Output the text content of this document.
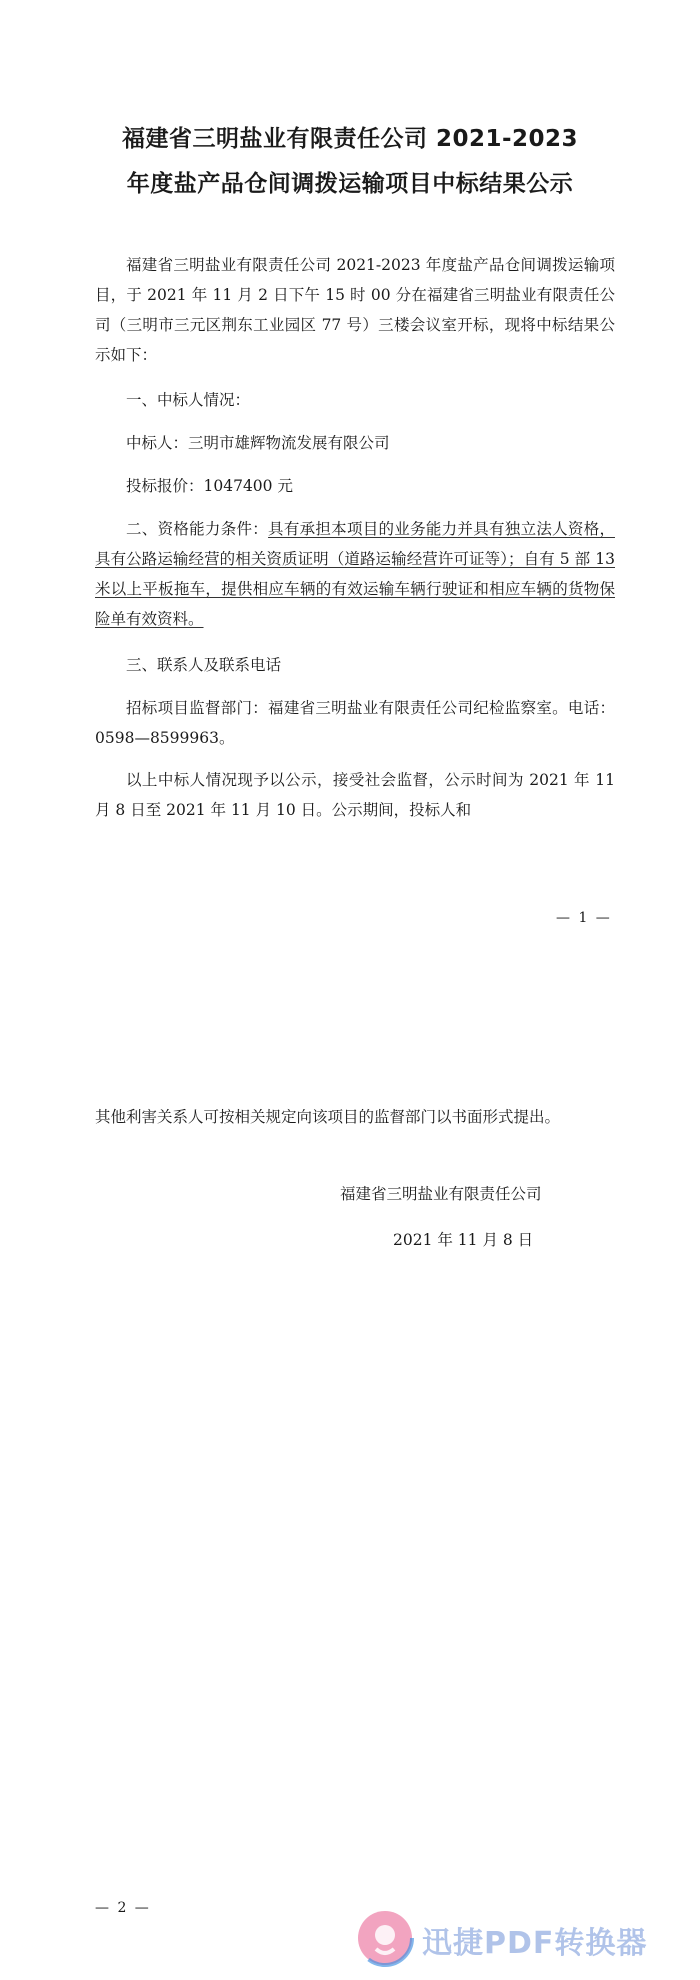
福建省三明盐业有限责任公司 2021-2023
年度盐产品仓间调拨运输项目中标结果公示
福建省三明盐业有限责任公司 2021-2023 年度盐产品仓间调拨运输项目，于 2021 年 11 月 2 日下午 15 时 00 分在福建省三明盐业有限责任公司（三明市三元区荆东工业园区 77 号）三楼会议室开标，现将中标结果公示如下：
一、中标人情况：
中标人：三明市雄辉物流发展有限公司
投标报价：1047400 元
二、资格能力条件：具有承担本项目的业务能力并具有独立法人资格，具有公路运输经营的相关资质证明（道路运输经营许可证等）；自有 5 部 13 米以上平板拖车，提供相应车辆的有效运输车辆行驶证和相应车辆的货物保险单有效资料。
三、联系人及联系电话
招标项目监督部门：福建省三明盐业有限责任公司纪检监察室。电话：0598—8599963。
以上中标人情况现予以公示，接受社会监督，公示时间为 2021 年 11 月 8 日至 2021 年 11 月 10 日。公示期间，投标人和
— 1 —
其他利害关系人可按相关规定向该项目的监督部门以书面形式提出。
福建省三明盐业有限责任公司
2021 年 11 月 8 日
— 2 —
迅捷PDF转换器
